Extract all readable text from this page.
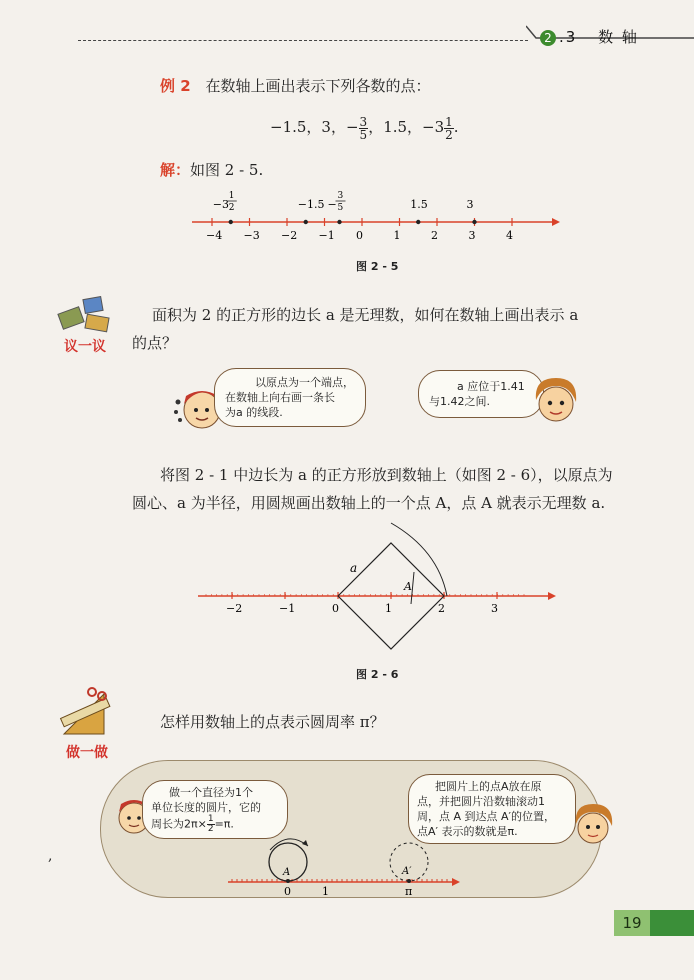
2 .3 数 轴
例 2 在数轴上画出表示下列各数的点：
−1.5，3，− $\frac{3}{5}$ ，1.5，$-3 \frac{1}{2}$ .
解：如图 2 - 5.
−4 −3 −2 −1 0	1	2	3	4
−3
1
2	−1.5 −
3
5	1.5	3
图 2 - 5
议一议
面积为 2 的正方形的边长 a 是无理数，如何在数轴上画出表示 a
的点？
以原点为一个端点，
在数轴上向右画一条长
为a 的线段.
a 应位于1.41
与1.42之间.
将图 2 - 1 中边长为 a 的正方形放到数轴上（如图 2 - 6），以原点为
圆心、a 为半径，用圆规画出数轴上的一个点 A，点 A 就表示无理数 a.
−2	−1	0	1	2	3
a
A
图 2 - 6
做一做
怎样用数轴上的点表示圆周率 π？
做一个直径为1个
单位长度的圆片，它的
周长为$2\pi\times \frac{1}{2} =\pi$.
把圆片上的点A放在原
点，并把圆片沿数轴滚动1
周，点 A 到达点 A′的位置，
点A′ 表示的数就是π.
,
A	A′
0	1	π
19
